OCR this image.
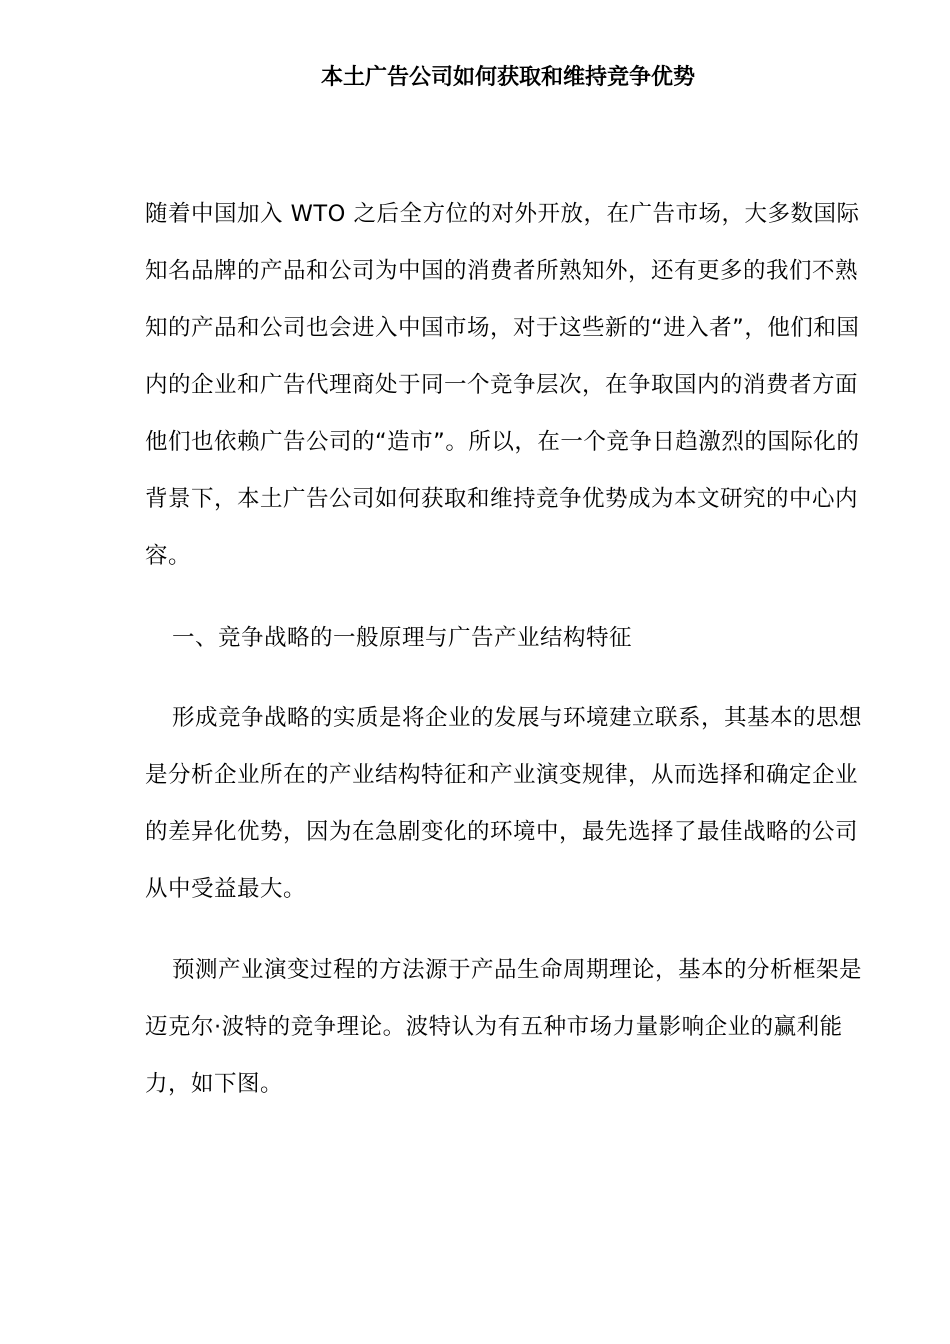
本土广告公司如何获取和维持竞争优势

随着中国加入 WTO 之后全方位的对外开放，在广告市场，大多数国际知名品牌的产品和公司为中国的消费者所熟知外，还有更多的我们不熟知的产品和公司也会进入中国市场，对于这些新的“进入者”，他们和国内的企业和广告代理商处于同一个竞争层次，在争取国内的消费者方面他们也依赖广告公司的“造市”。所以，在一个竞争日趋激烈的国际化的背景下，本土广告公司如何获取和维持竞争优势成为本文研究的中心内容。

一、竞争战略的一般原理与广告产业结构特征

形成竞争战略的实质是将企业的发展与环境建立联系，其基本的思想是分析企业所在的产业结构特征和产业演变规律，从而选择和确定企业的差异化优势，因为在急剧变化的环境中，最先选择了最佳战略的公司从中受益最大。

预测产业演变过程的方法源于产品生命周期理论，基本的分析框架是迈克尔·波特的竞争理论。波特认为有五种市场力量影响企业的赢利能力，如下图。
